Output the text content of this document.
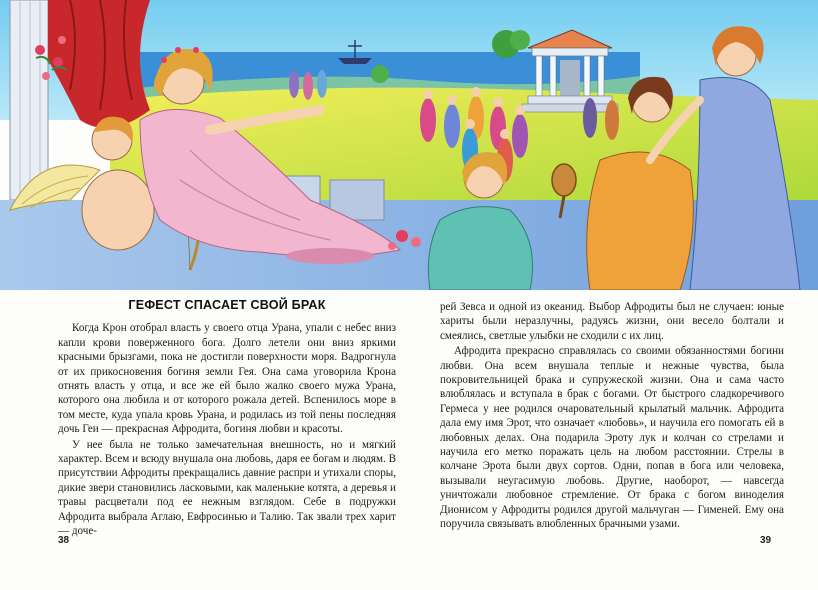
ГЕФЕСТ СПАСАЕТ СВОЙ БРАК

Когда Крон отобрал власть у своего отца Урана, упали с небес вниз капли крови поверженного бога. Долго летели они вниз яркими красными брызгами, пока не достигли поверхности моря. Вадрогнула от их прикосновения богиня земли Гея. Она сама уговорила Крона отнять власть у отца, и все же ей было жалко своего мужа Урана, которого она любила и от которого рожала детей. Вспенилось море в том месте, куда упала кровь Урана, и родилась из той пены последняя дочь Геи — прекрасная Афродита, богиня любви и красоты.

У нее была не только замечательная внешность, но и мягкий характер. Всем и всюду внушала она любовь, даря ее богам и людям. В присутствии Афродиты прекращались давние распри и утихали споры, дикие звери становились ласковыми, как маленькие котята, а деревья и травы расцветали под ее нежным взглядом. Себе в подружки Афродита выбрала Аглаю, Евфросинью и Талию. Так звали трех харит — доче-

38

рей Зевса и одной из океанид. Выбор Афродиты был не случаен: юные хариты были неразлучны, радуясь жизни, они весело болтали и смеялись, светлые улыбки не сходили с их лиц.

Афродита прекрасно справлялась со своими обязанностями богини любви. Она всем внушала теплые и нежные чувства, была покровительницей брака и супружеской жизни. Она и сама часто влюблялась и вступала в брак с богами. От быстрого сладкоречивого Гермеса у нее родился очаровательный крылатый мальчик. Афродита дала ему имя Эрот, что означает «любовь», и научила его помогать ей в любовных делах. Она подарила Эроту лук и колчан со стрелами и научила его метко поражать цель на любом расстоянии. Стрелы в колчане Эрота были двух сортов. Одни, попав в бога или человека, вызывали неугасимую любовь. Другие, наоборот, — навсегда уничтожали любовное стремление. От брака с богом виноделия Дионисом у Афродиты родился другой мальчуган — Гименей. Ему она поручила связывать влюбленных брачными узами.

39
